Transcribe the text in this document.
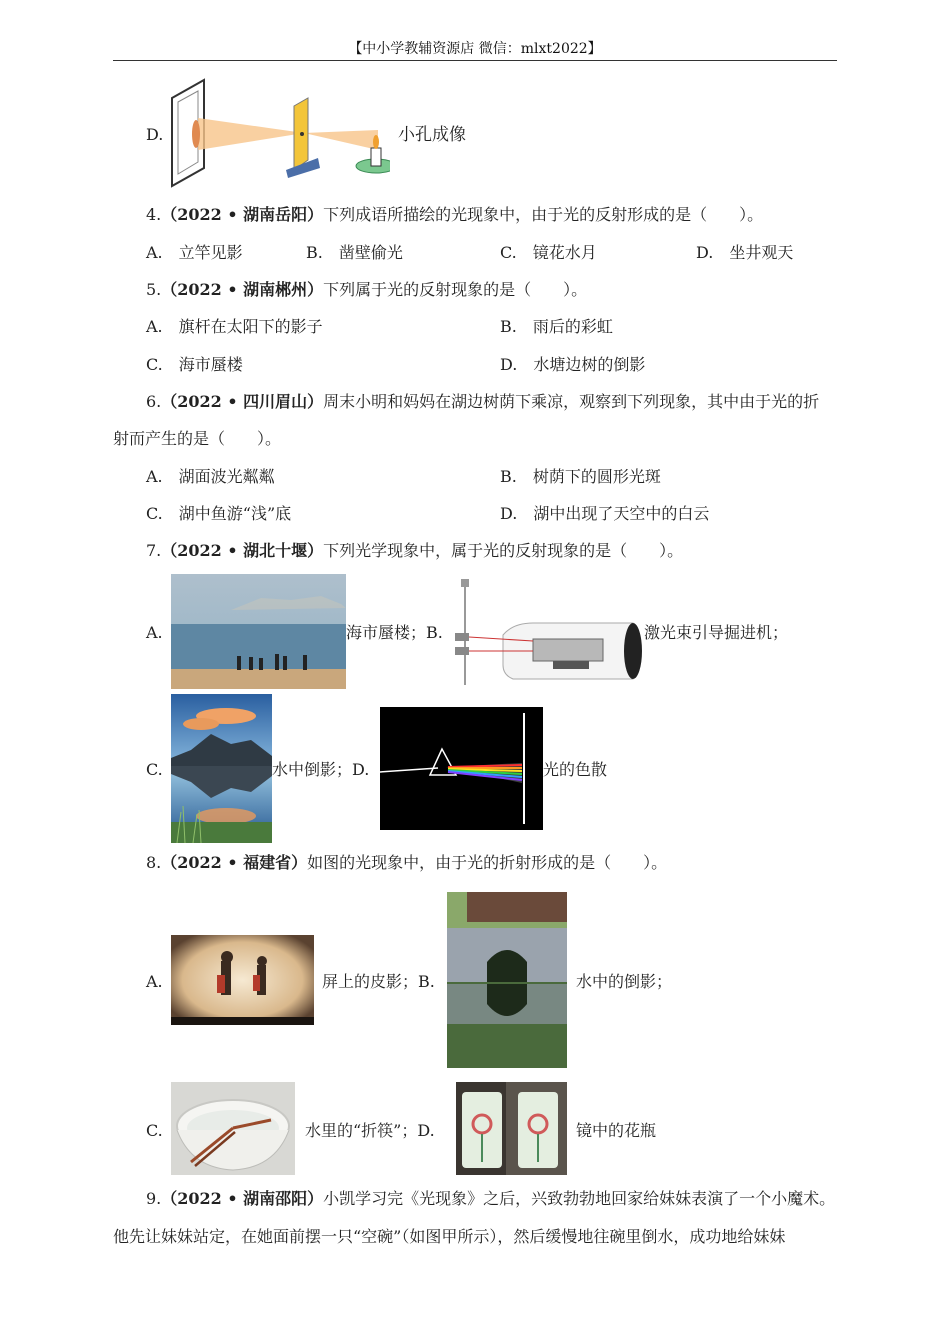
【中小学教辅资源店 微信：mlxt2022】
D.	小孔成像
4.（2022 • 湖南岳阳）下列成语所描绘的光现象中，由于光的反射形成的是（　　）。
A.　立竿见影	B.　凿壁偷光	C.　镜花水月	D.　坐井观天
5.（2022 • 湖南郴州）下列属于光的反射现象的是（　　）。
A.　旗杆在太阳下的影子	B.　雨后的彩虹
C.　海市蜃楼	D.　水塘边树的倒影
6.（2022 • 四川眉山）周末小明和妈妈在湖边树荫下乘凉，观察到下列现象，其中由于光的折
射而产生的是（　　）。
A.　湖面波光粼粼	B.　树荫下的圆形光斑
C.　湖中鱼游“浅”底	D.　湖中出现了天空中的白云
7.（2022 • 湖北十堰）下列光学现象中，属于光的反射现象的是（　　）。
A.	海市蜃楼；B.	激光束引导掘进机；
C.	水中倒影；D.	光的色散
8.（2022 • 福建省）如图的光现象中，由于光的折射形成的是（　　）。
A.	屏上的皮影；B.	水中的倒影；
C.	水里的“折筷”；D.	镜中的花瓶
9.（2022 • 湖南邵阳）小凯学习完《光现象》之后，兴致勃勃地回家给妹妹表演了一个小魔术。
他先让妹妹站定，在她面前摆一只“空碗”（如图甲所示），然后缓慢地往碗里倒水，成功地给妹妹
